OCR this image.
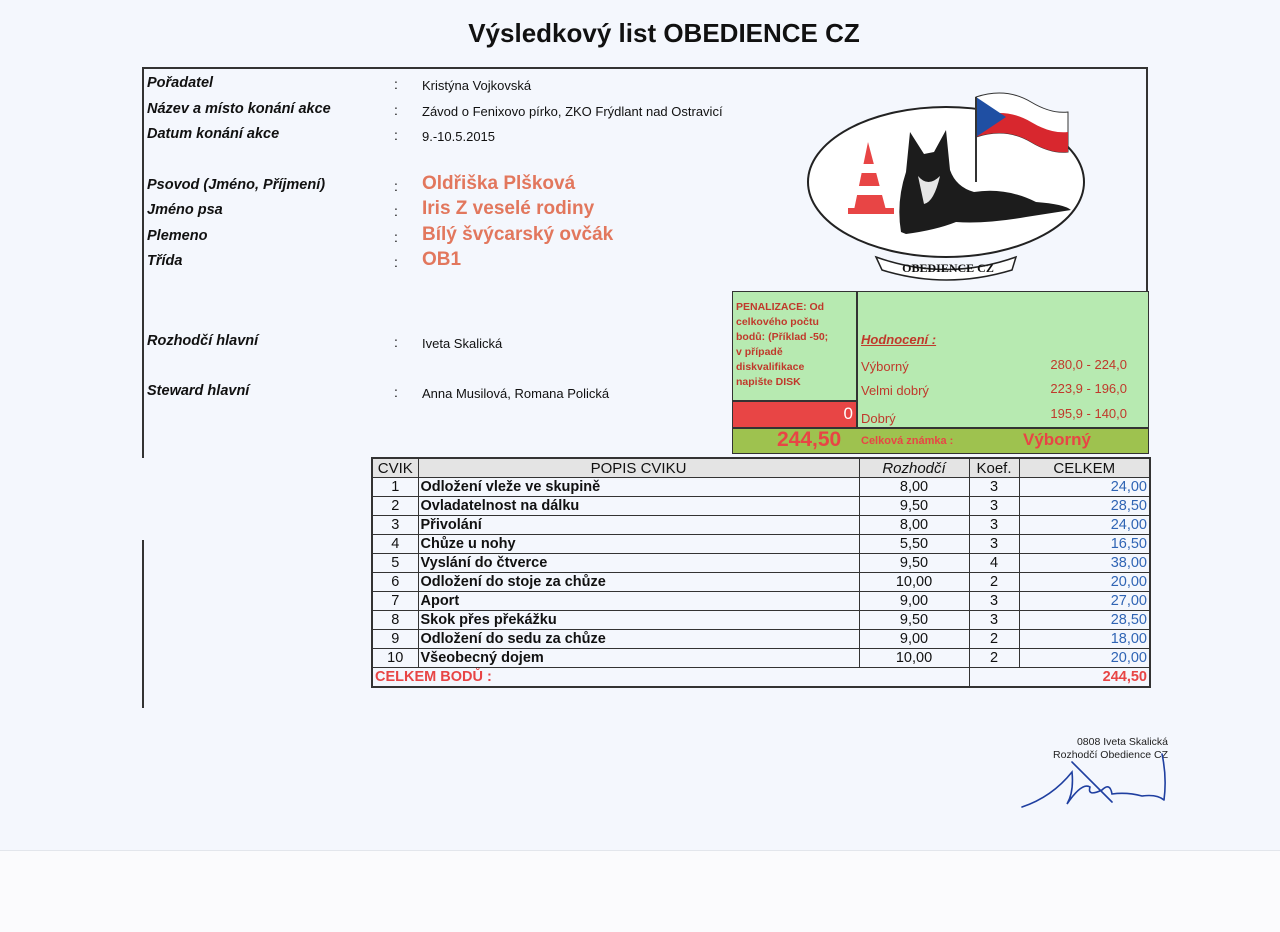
Výsledkový list OBEDIENCE CZ
Pořadatel	: Kristýna Vojkovská
Název a místo konání akce	: Závod o Fenixovo pírko, ZKO Frýdlant nad Ostravicí
Datum konání akce	: 9.-10.5.2015
Psovod (Jméno, Příjmení)	: Oldřiška Plšková
Jméno psa	: Iris Z veselé rodiny
Plemeno	: Bílý švýcarský ovčák
Třída	: OB1
Rozhodčí hlavní	: Iveta Skalická
Steward hlavní	: Anna Musilová, Romana Polická
OBEDIENCE CZ
PENALIZACE: Od
celkového počtu
bodů: (Příklad -50;
v případě
diskvalifikace
napište DISK
0
Hodnocení :
Výborný	280,0 - 224,0
Velmi dobrý	223,9 - 196,0
Dobrý	195,9 - 140,0
244,50 Celková známka :	Výborný
CVIK	POPIS CVIKU	Rozhodčí	Koef.	CELKEM
1	Odložení vleže ve skupině	8,00	3	24,00
2	Ovladatelnost na dálku	9,50	3	28,50
3	Přivolání	8,00	3	24,00
4	Chůze u nohy	5,50	3	16,50
5	Vyslání do čtverce	9,50	4	38,00
6	Odložení do stoje za chůze	10,00	2	20,00
7	Aport	9,00	3	27,00
8	Skok přes překážku	9,50	3	28,50
9	Odložení do sedu za chůze	9,00	2	18,00
10	Všeobecný dojem	10,00	2	20,00
CELKEM BODŮ :			244,50	
0808 Iveta Skalická
Rozhodčí Obedience CZ
